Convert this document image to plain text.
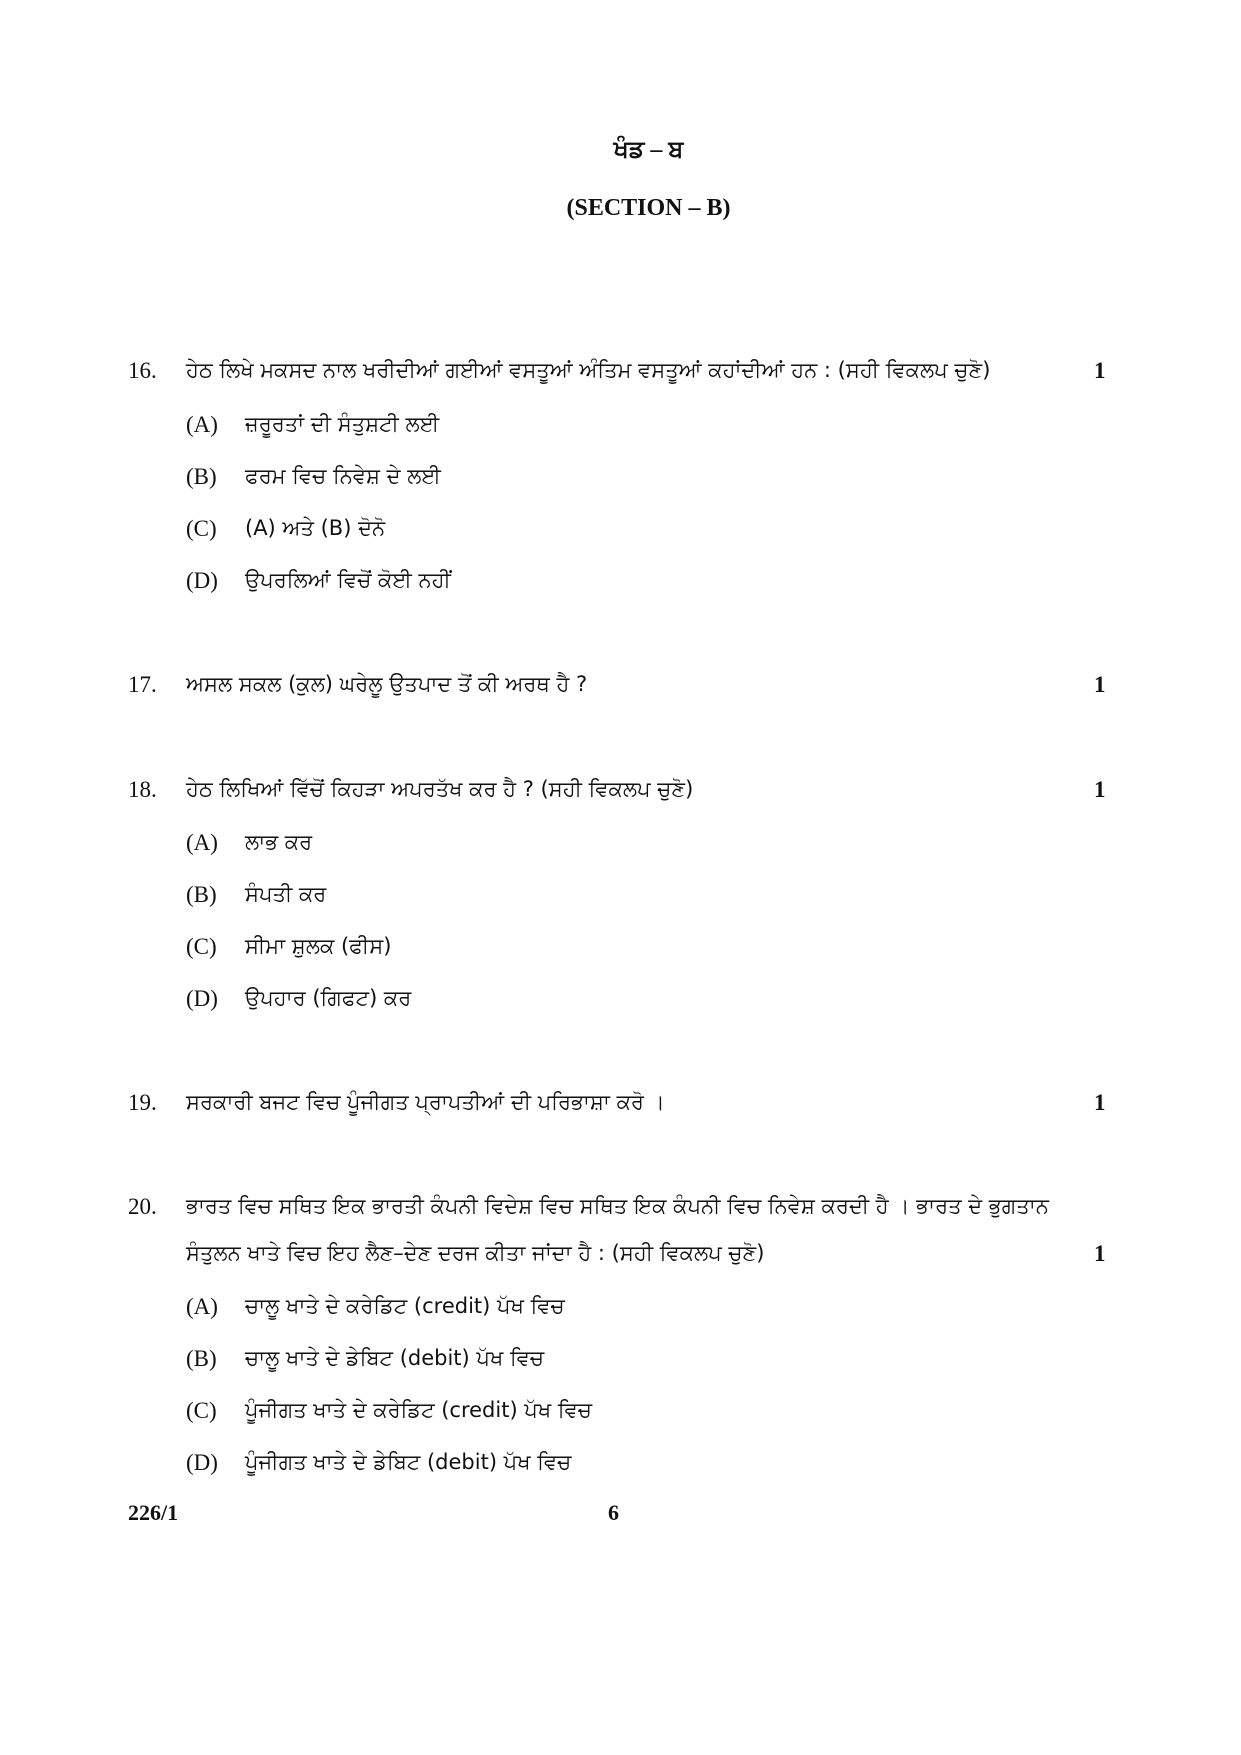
ਖੰਡ – ਬ
(SECTION – B)
16. ਹੇਠ ਲਿਖੇ ਮਕਸਦ ਨਾਲ ਖਰੀਦੀਆਂ ਗਈਆਂ ਵਸਤੂਆਂ ਅੰਤਿਮ ਵਸਤੂਆਂ ਕਹਾਂਦੀਆਂ ਹਨ : (ਸਹੀ ਵਿਕਲਪ ਚੁਣੋ)	1
(A) ਜ਼ਰੂਰਤਾਂ ਦੀ ਸੰਤੁਸ਼ਟੀ ਲਈ
(B) ਫਰਮ ਵਿਚ ਨਿਵੇਸ਼ ਦੇ ਲਈ
(C) (A) ਅਤੇ (B) ਦੋਨੋ
(D) ਉਪਰਲਿਆਂ ਵਿਚੋਂ ਕੋਈ ਨਹੀਂ
17. ਅਸਲ ਸਕਲ (ਕੁਲ) ਘਰੇਲੂ ਉਤਪਾਦ ਤੋਂ ਕੀ ਅਰਥ ਹੈ ?	1
18. ਹੇਠ ਲਿਖਿਆਂ ਵਿੱਚੋਂ ਕਿਹੜਾ ਅਪਰਤੱਖ ਕਰ ਹੈ ? (ਸਹੀ ਵਿਕਲਪ ਚੁਣੋ)	1
(A) ਲਾਭ ਕਰ
(B) ਸੰਪਤੀ ਕਰ
(C) ਸੀਮਾ ਸ਼ੁਲਕ (ਫੀਸ)
(D) ਉਪਹਾਰ (ਗਿਫਟ) ਕਰ
19. ਸਰਕਾਰੀ ਬਜਟ ਵਿਚ ਪੂੰਜੀਗਤ ਪ੍ਰਾਪਤੀਆਂ ਦੀ ਪਰਿਭਾਸ਼ਾ ਕਰੋ ।	1
20. ਭਾਰਤ ਵਿਚ ਸਥਿਤ ਇਕ ਭਾਰਤੀ ਕੰਪਨੀ ਵਿਦੇਸ਼ ਵਿਚ ਸਥਿਤ ਇਕ ਕੰਪਨੀ ਵਿਚ ਨਿਵੇਸ਼ ਕਰਦੀ ਹੈ । ਭਾਰਤ ਦੇ ਭੁਗਤਾਨ
ਸੰਤੁਲਨ ਖਾਤੇ ਵਿਚ ਇਹ ਲੈਣ–ਦੇਣ ਦਰਜ ਕੀਤਾ ਜਾਂਦਾ ਹੈ : (ਸਹੀ ਵਿਕਲਪ ਚੁਣੋ)	1
(A) ਚਾਲੂ ਖਾਤੇ ਦੇ ਕਰੇਡਿਟ (credit) ਪੱਖ ਵਿਚ
(B) ਚਾਲੂ ਖਾਤੇ ਦੇ ਡੇਬਿਟ (debit) ਪੱਖ ਵਿਚ
(C) ਪੂੰਜੀਗਤ ਖਾਤੇ ਦੇ ਕਰੇਡਿਟ (credit) ਪੱਖ ਵਿਚ
(D) ਪੂੰਜੀਗਤ ਖਾਤੇ ਦੇ ਡੇਬਿਟ (debit) ਪੱਖ ਵਿਚ
226/1	6
